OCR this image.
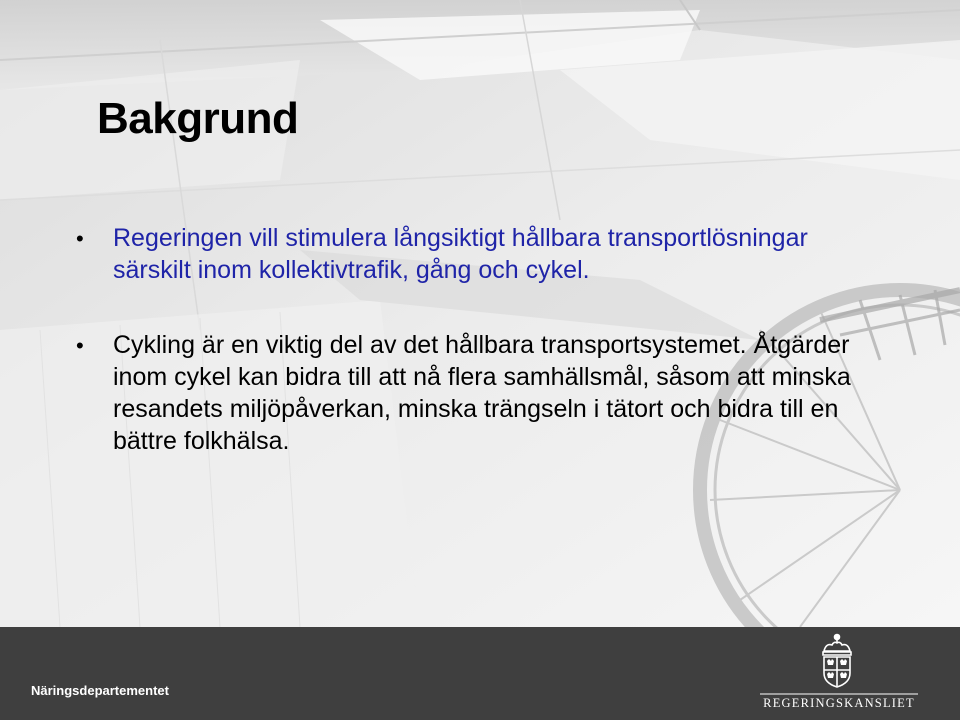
Bakgrund
• Regeringen vill stimulera långsiktigt hållbara transportlösningar särskilt inom kollektivtrafik, gång och cykel.
• Cykling är en viktig del av det hållbara transportsystemet. Åtgärder inom cykel kan bidra till att nå flera samhällsmål, såsom att minska resandets miljöpåverkan, minska trängseln i tätort och bidra till en bättre folkhälsa.
Näringsdepartementet
REGERINGSKANSLIET
